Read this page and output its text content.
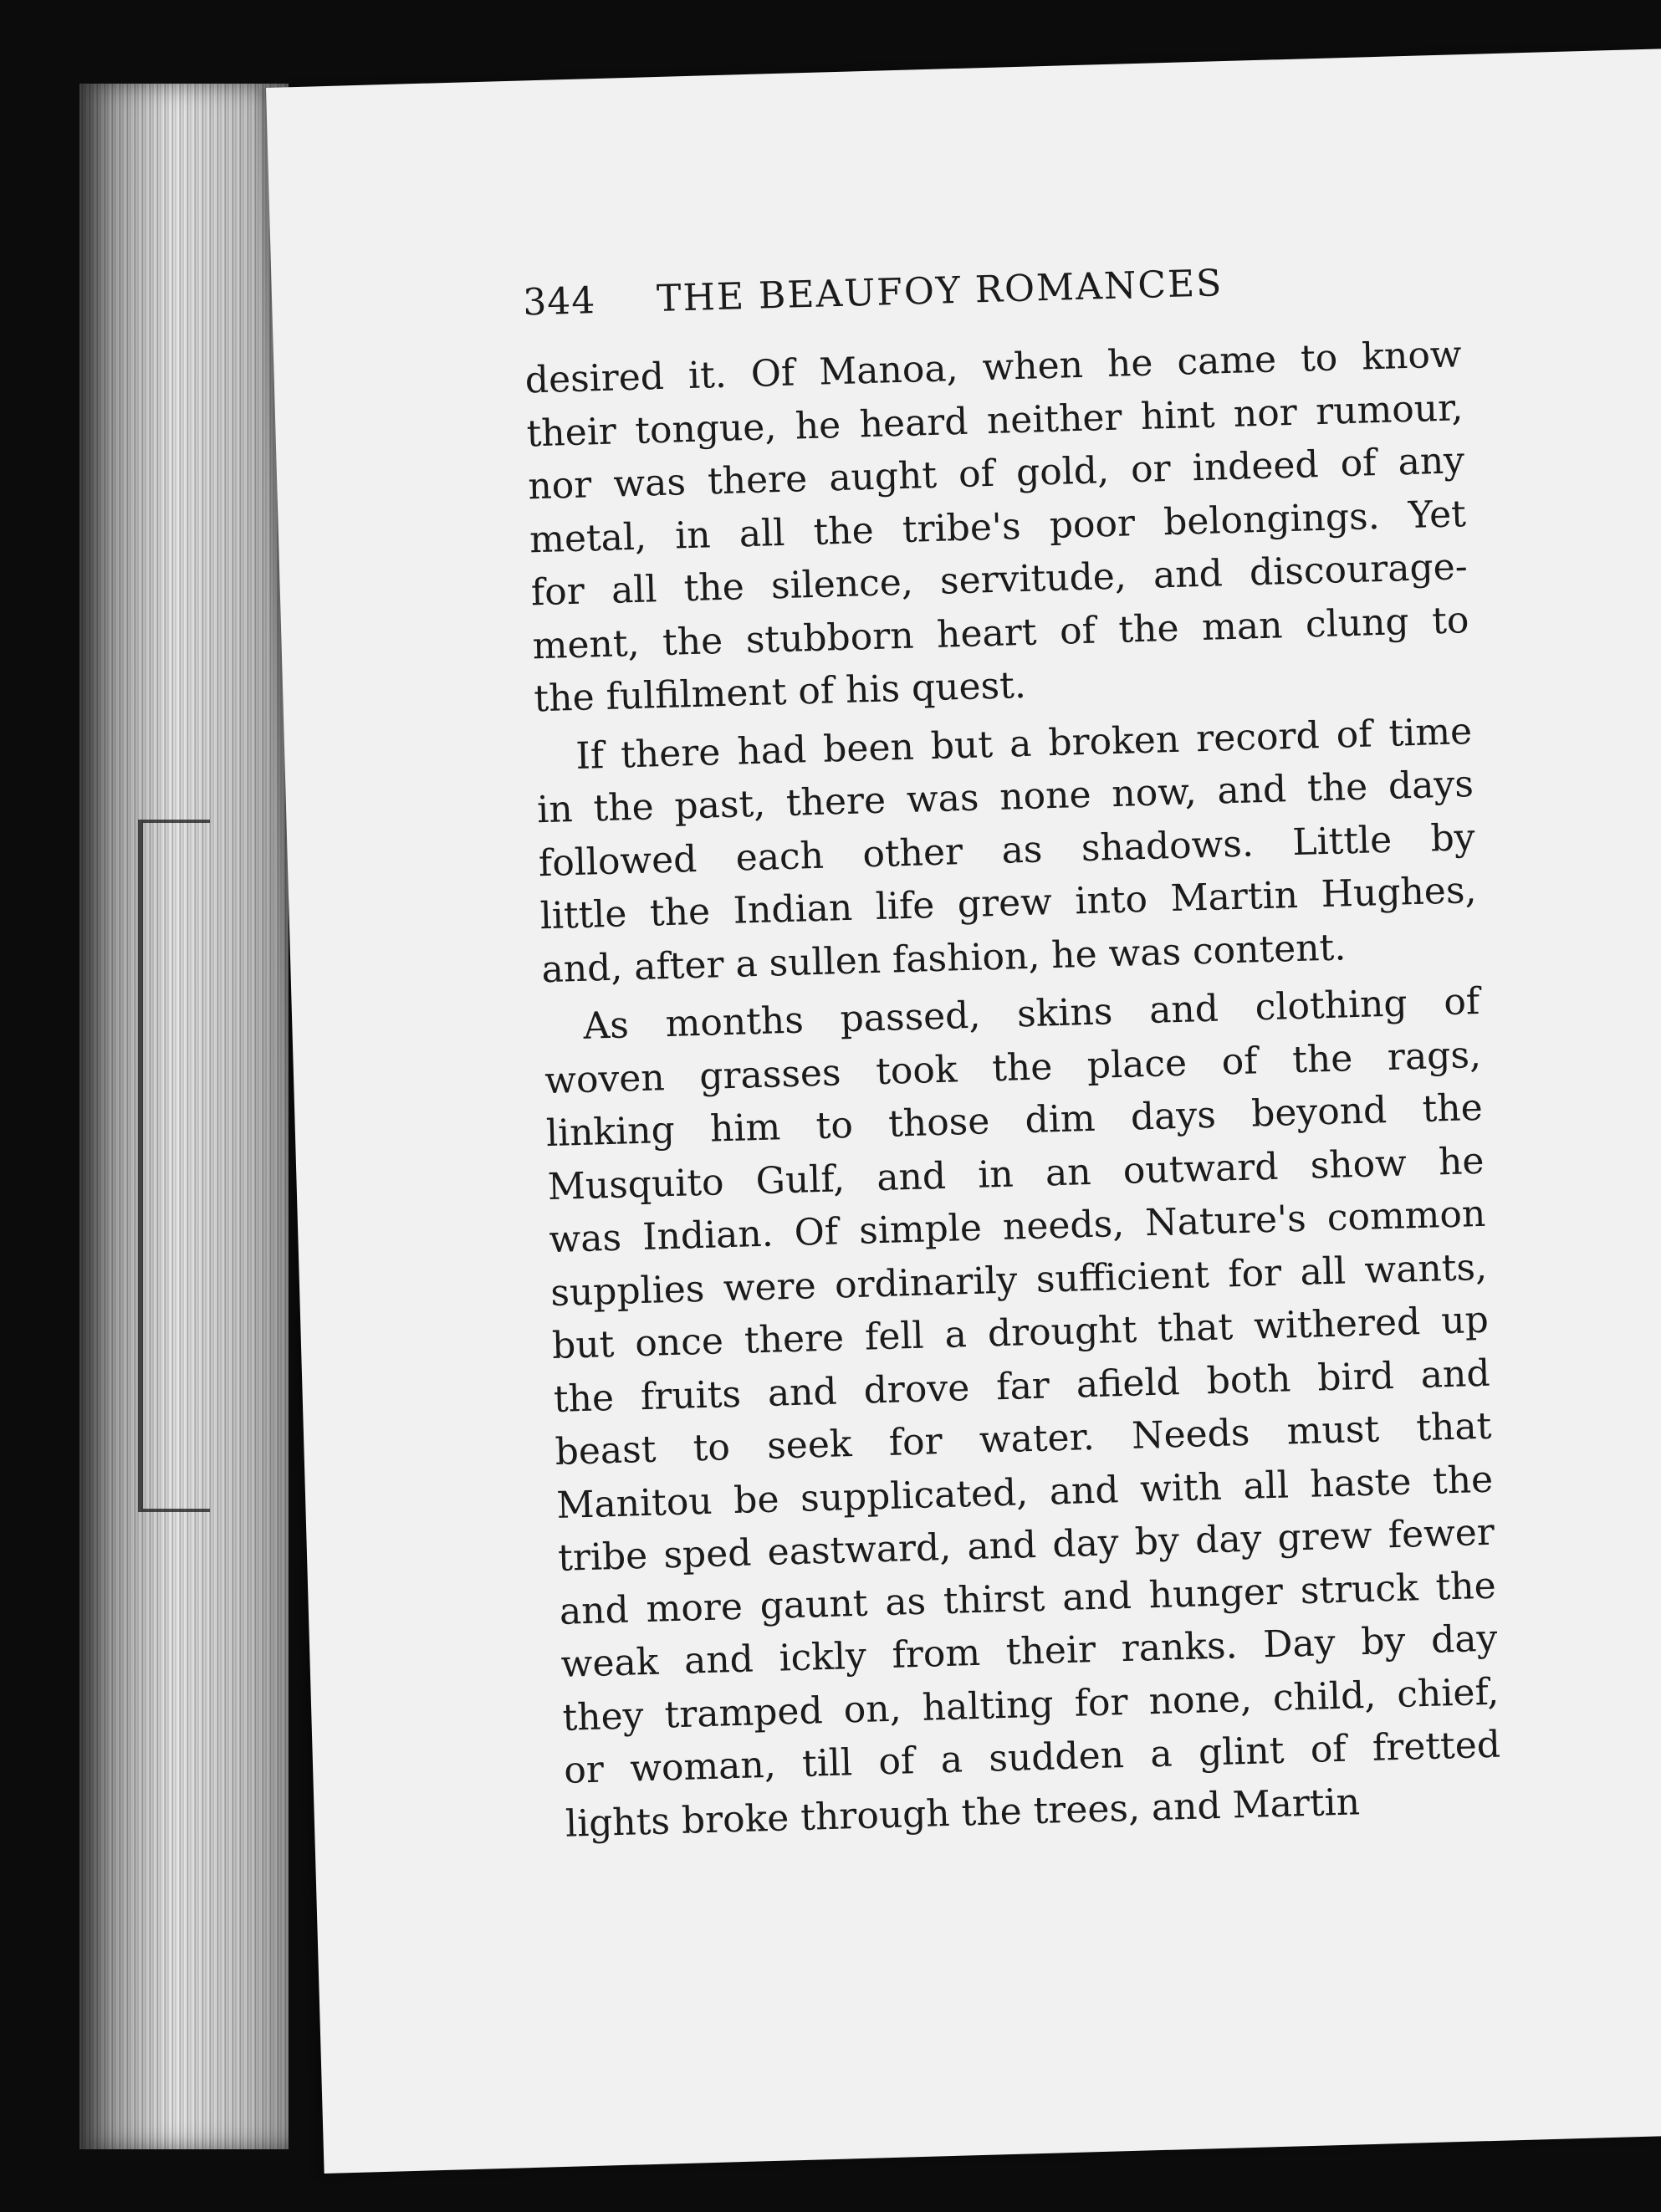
344	THE BEAUFOY ROMANCES
desired it. Of Manoa, when he came to know
their tongue, he heard neither hint nor rumour,
nor was there aught of gold, or indeed of any
metal, in all the tribe's poor belongings. Yet
for all the silence, servitude, and discourage-
ment, the stubborn heart of the man clung to
the fulfilment of his quest.
If there had been but a broken record of time
in the past, there was none now, and the days
followed each other as shadows. Little by
little the Indian life grew into Martin Hughes,
and, after a sullen fashion, he was content.
As months passed, skins and clothing of
woven grasses took the place of the rags,
linking him to those dim days beyond the
Musquito Gulf, and in an outward show he
was Indian. Of simple needs, Nature's common
supplies were ordinarily sufficient for all wants,
but once there fell a drought that withered up
the fruits and drove far afield both bird and
beast to seek for water. Needs must that
Manitou be supplicated, and with all haste the
tribe sped eastward, and day by day grew fewer
and more gaunt as thirst and hunger struck the
weak and ickly from their ranks. Day by day
they tramped on, halting for none, child, chief,
or woman, till of a sudden a glint of fretted
lights broke through the trees, and Martin
